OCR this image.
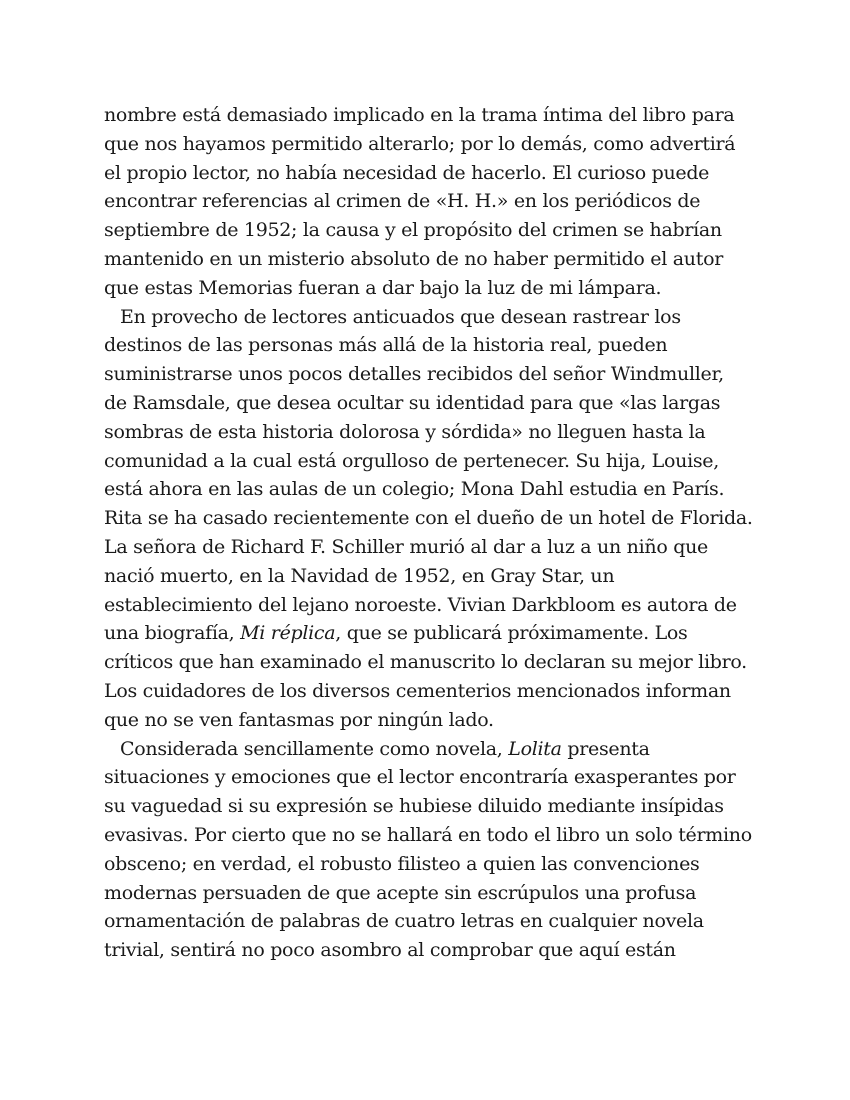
nombre está demasiado implicado en la trama íntima del libro para
que nos hayamos permitido alterarlo; por lo demás, como advertirá
el propio lector, no había necesidad de hacerlo. El curioso puede
encontrar referencias al crimen de «H. H.» en los periódicos de
septiembre de 1952; la causa y el propósito del crimen se habrían
mantenido en un misterio absoluto de no haber permitido el autor
que estas Memorias fueran a dar bajo la luz de mi lámpara.
En provecho de lectores anticuados que desean rastrear los
destinos de las personas más allá de la historia real, pueden
suministrarse unos pocos detalles recibidos del señor Windmuller,
de Ramsdale, que desea ocultar su identidad para que «las largas
sombras de esta historia dolorosa y sórdida» no lleguen hasta la
comunidad a la cual está orgulloso de pertenecer. Su hija, Louise,
está ahora en las aulas de un colegio; Mona Dahl estudia en París.
Rita se ha casado recientemente con el dueño de un hotel de Florida.
La señora de Richard F. Schiller murió al dar a luz a un niño que
nació muerto, en la Navidad de 1952, en Gray Star, un
establecimiento del lejano noroeste. Vivian Darkbloom es autora de
una biografía, Mi réplica, que se publicará próximamente. Los
críticos que han examinado el manuscrito lo declaran su mejor libro.
Los cuidadores de los diversos cementerios mencionados informan
que no se ven fantasmas por ningún lado.
Considerada sencillamente como novela, Lolita presenta
situaciones y emociones que el lector encontraría exasperantes por
su vaguedad si su expresión se hubiese diluido mediante insípidas
evasivas. Por cierto que no se hallará en todo el libro un solo término
obsceno; en verdad, el robusto filisteo a quien las convenciones
modernas persuaden de que acepte sin escrúpulos una profusa
ornamentación de palabras de cuatro letras en cualquier novela
trivial, sentirá no poco asombro al comprobar que aquí están
